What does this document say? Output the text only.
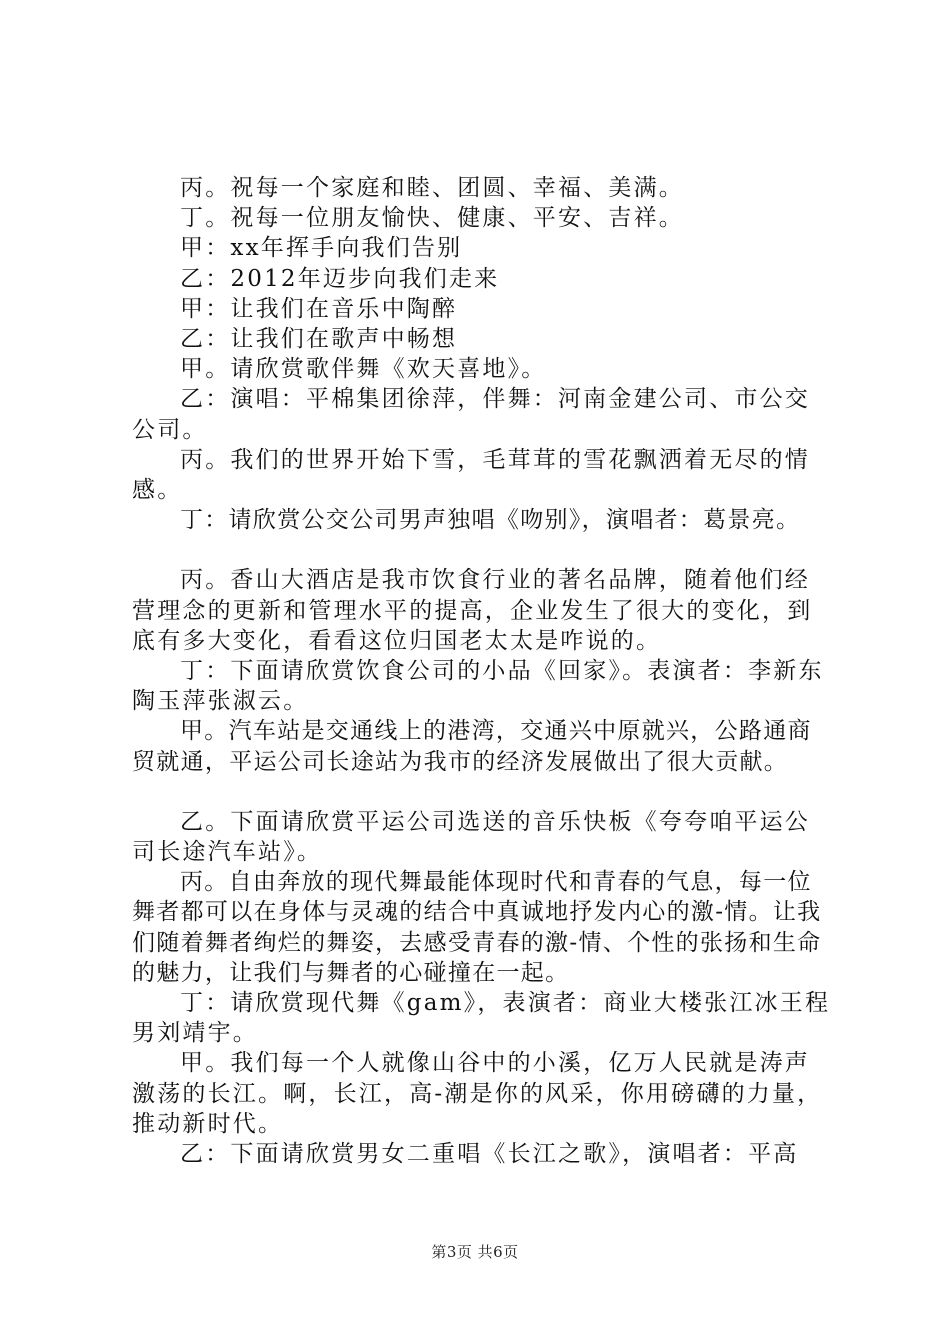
丙。祝每一个家庭和睦、团圆、幸福、美满。

丁。祝每一位朋友愉快、健康、平安、吉祥。

甲：xx年挥手向我们告别

乙：2012年迈步向我们走来

甲：让我们在音乐中陶醉

乙：让我们在歌声中畅想

甲。请欣赏歌伴舞《欢天喜地》。

乙：演唱：平棉集团徐萍，伴舞：河南金建公司、市公交公司。

丙。我们的世界开始下雪，毛茸茸的雪花飘洒着无尽的情感。

丁：请欣赏公交公司男声独唱《吻别》，演唱者：葛景亮。

丙。香山大酒店是我市饮食行业的著名品牌，随着他们经营理念的更新和管理水平的提高，企业发生了很大的变化，到底有多大变化，看看这位归国老太太是咋说的。

丁：下面请欣赏饮食公司的小品《回家》。表演者：李新东陶玉萍张淑云。

甲。汽车站是交通线上的港湾，交通兴中原就兴，公路通商贸就通，平运公司长途站为我市的经济发展做出了很大贡献。

乙。下面请欣赏平运公司选送的音乐快板《夸夸咱平运公司长途汽车站》。

丙。自由奔放的现代舞最能体现时代和青春的气息，每一位舞者都可以在身体与灵魂的结合中真诚地抒发内心的激-情。让我们随着舞者绚烂的舞姿，去感受青春的激-情、个性的张扬和生命的魅力，让我们与舞者的心碰撞在一起。

丁：请欣赏现代舞《gam》，表演者：商业大楼张江冰王程男刘靖宇。

甲。我们每一个人就像山谷中的小溪，亿万人民就是涛声激荡的长江。啊，长江，高-潮是你的风采，你用磅礴的力量，推动新时代。

乙：下面请欣赏男女二重唱《长江之歌》，演唱者：平高

第3页 共6页
